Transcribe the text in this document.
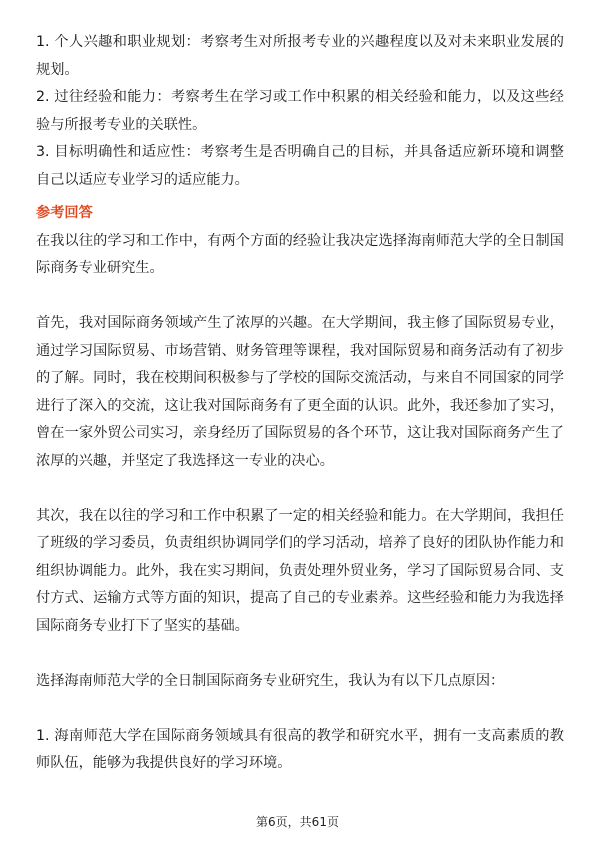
1. 个人兴趣和职业规划：考察考生对所报考专业的兴趣程度以及对未来职业发展的规划。

2. 过往经验和能力：考察考生在学习或工作中积累的相关经验和能力，以及这些经验与所报考专业的关联性。

3. 目标明确性和适应性：考察考生是否明确自己的目标，并具备适应新环境和调整自己以适应专业学习的适应能力。

参考回答

在我以往的学习和工作中，有两个方面的经验让我决定选择海南师范大学的全日制国际商务专业研究生。

首先，我对国际商务领域产生了浓厚的兴趣。在大学期间，我主修了国际贸易专业，通过学习国际贸易、市场营销、财务管理等课程，我对国际贸易和商务活动有了初步的了解。同时，我在校期间积极参与了学校的国际交流活动，与来自不同国家的同学进行了深入的交流，这让我对国际商务有了更全面的认识。此外，我还参加了实习，曾在一家外贸公司实习，亲身经历了国际贸易的各个环节，这让我对国际商务产生了浓厚的兴趣，并坚定了我选择这一专业的决心。

其次，我在以往的学习和工作中积累了一定的相关经验和能力。在大学期间，我担任了班级的学习委员，负责组织协调同学们的学习活动，培养了良好的团队协作能力和组织协调能力。此外，我在实习期间，负责处理外贸业务，学习了国际贸易合同、支付方式、运输方式等方面的知识，提高了自己的专业素养。这些经验和能力为我选择国际商务专业打下了坚实的基础。

选择海南师范大学的全日制国际商务专业研究生，我认为有以下几点原因：

1. 海南师范大学在国际商务领域具有很高的教学和研究水平，拥有一支高素质的教师队伍，能够为我提供良好的学习环境。

第6页，共61页
